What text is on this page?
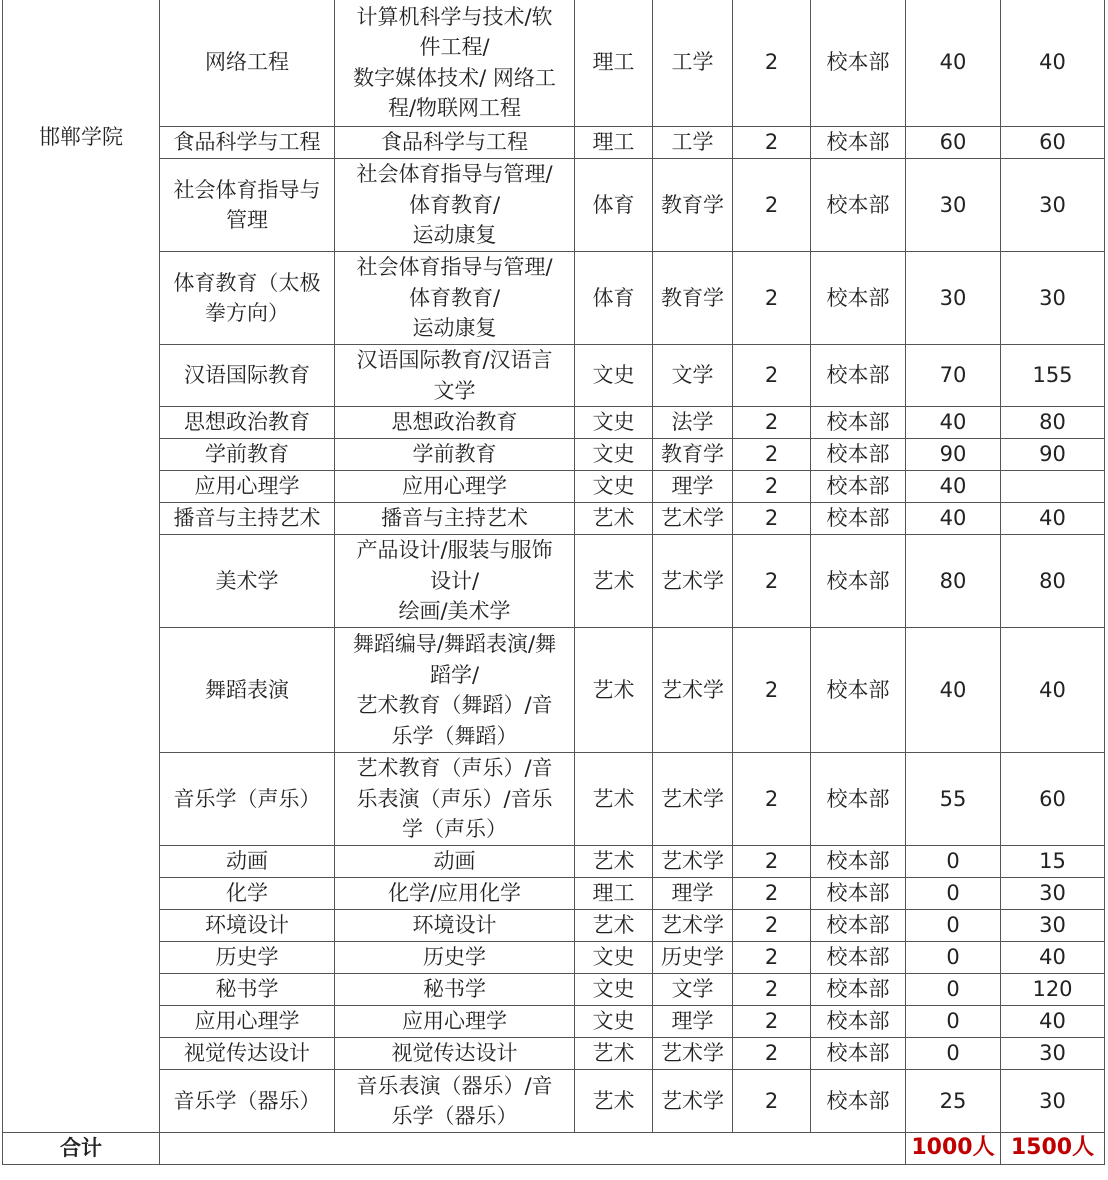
邯郸学院	网络工程	计算机科学与技术/软
件工程/
数字媒体技术/ 网络工
程/物联网工程	理工	工学	2	校本部	40	40
	食品科学与工程	食品科学与工程	理工	工学	2	校本部	60	60
	社会体育指导与
管理	社会体育指导与管理/
体育教育/
运动康复	体育	教育学	2	校本部	30	30
	体育教育（太极
拳方向）	社会体育指导与管理/
体育教育/
运动康复	体育	教育学	2	校本部	30	30
	汉语国际教育	汉语国际教育/汉语言
文学	文史	文学	2	校本部	70	155
	思想政治教育	思想政治教育	文史	法学	2	校本部	40	80
	学前教育	学前教育	文史	教育学	2	校本部	90	90
	应用心理学	应用心理学	文史	理学	2	校本部	40	
	播音与主持艺术	播音与主持艺术	艺术	艺术学	2	校本部	40	40
	美术学	产品设计/服装与服饰
设计/
绘画/美术学	艺术	艺术学	2	校本部	80	80
	舞蹈表演	舞蹈编导/舞蹈表演/舞
蹈学/
艺术教育（舞蹈）/音
乐学（舞蹈）	艺术	艺术学	2	校本部	40	40
	音乐学（声乐）	艺术教育（声乐）/音
乐表演（声乐）/音乐
学（声乐）	艺术	艺术学	2	校本部	55	60
	动画	动画	艺术	艺术学	2	校本部	0	15
	化学	化学/应用化学	理工	理学	2	校本部	0	30
	环境设计	环境设计	艺术	艺术学	2	校本部	0	30
	历史学	历史学	文史	历史学	2	校本部	0	40
	秘书学	秘书学	文史	文学	2	校本部	0	120
	应用心理学	应用心理学	文史	理学	2	校本部	0	40
	视觉传达设计	视觉传达设计	艺术	艺术学	2	校本部	0	30
	音乐学（器乐）	音乐表演（器乐）/音
乐学（器乐）	艺术	艺术学	2	校本部	25	30
合计							1000人	1500人
